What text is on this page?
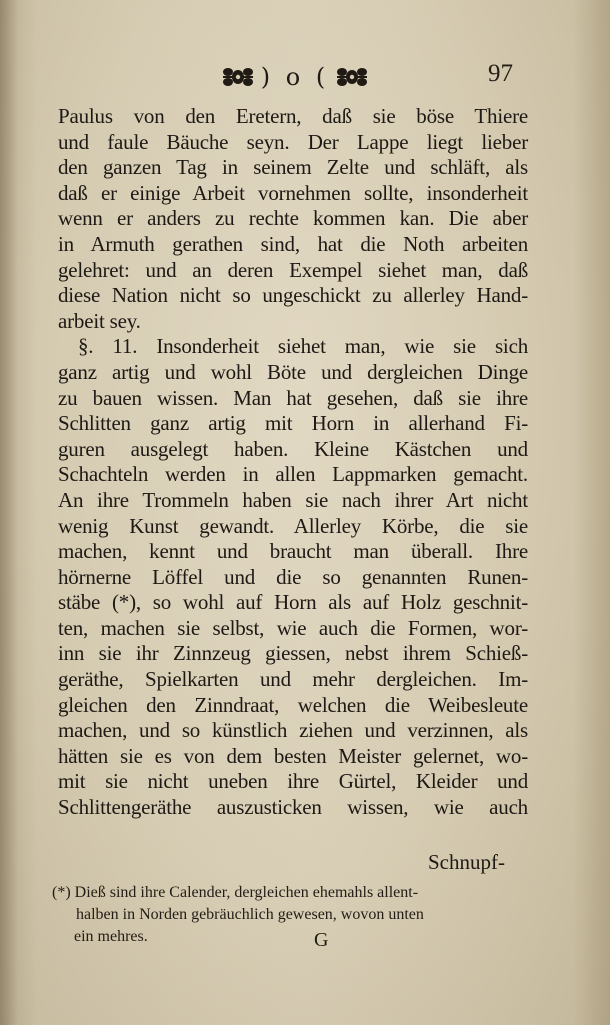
) o (	97
Paulus von den Eretern, daß sie böse Thiere
und faule Bäuche seyn. Der Lappe liegt lieber
den ganzen Tag in seinem Zelte und schläft, als
daß er einige Arbeit vornehmen sollte, insonderheit
wenn er anders zu rechte kommen kan. Die aber
in Armuth gerathen sind, hat die Noth arbeiten
gelehret: und an deren Exempel siehet man, daß
diese Nation nicht so ungeschickt zu allerley Hand-
arbeit sey.
§. 11. Insonderheit siehet man, wie sie sich
ganz artig und wohl Böte und dergleichen Dinge
zu bauen wissen. Man hat gesehen, daß sie ihre
Schlitten ganz artig mit Horn in allerhand Fi-
guren ausgelegt haben. Kleine Kästchen und
Schachteln werden in allen Lappmarken gemacht.
An ihre Trommeln haben sie nach ihrer Art nicht
wenig Kunst gewandt. Allerley Körbe, die sie
machen, kennt und braucht man überall. Ihre
hörnerne Löffel und die so genannten Runen-
stäbe (*), so wohl auf Horn als auf Holz geschnit-
ten, machen sie selbst, wie auch die Formen, wor-
inn sie ihr Zinnzeug giessen, nebst ihrem Schieß-
geräthe, Spielkarten und mehr dergleichen. Im-
gleichen den Zinndraat, welchen die Weibesleute
machen, und so künstlich ziehen und verzinnen, als
hätten sie es von dem besten Meister gelernet, wo-
mit sie nicht uneben ihre Gürtel, Kleider und
Schlittengeräthe auszusticken wissen, wie auch
Schnupf-
(*) Dieß sind ihre Calender, dergleichen ehemahls allent-
halben in Norden gebräuchlich gewesen, wovon unten
ein mehres.	G
